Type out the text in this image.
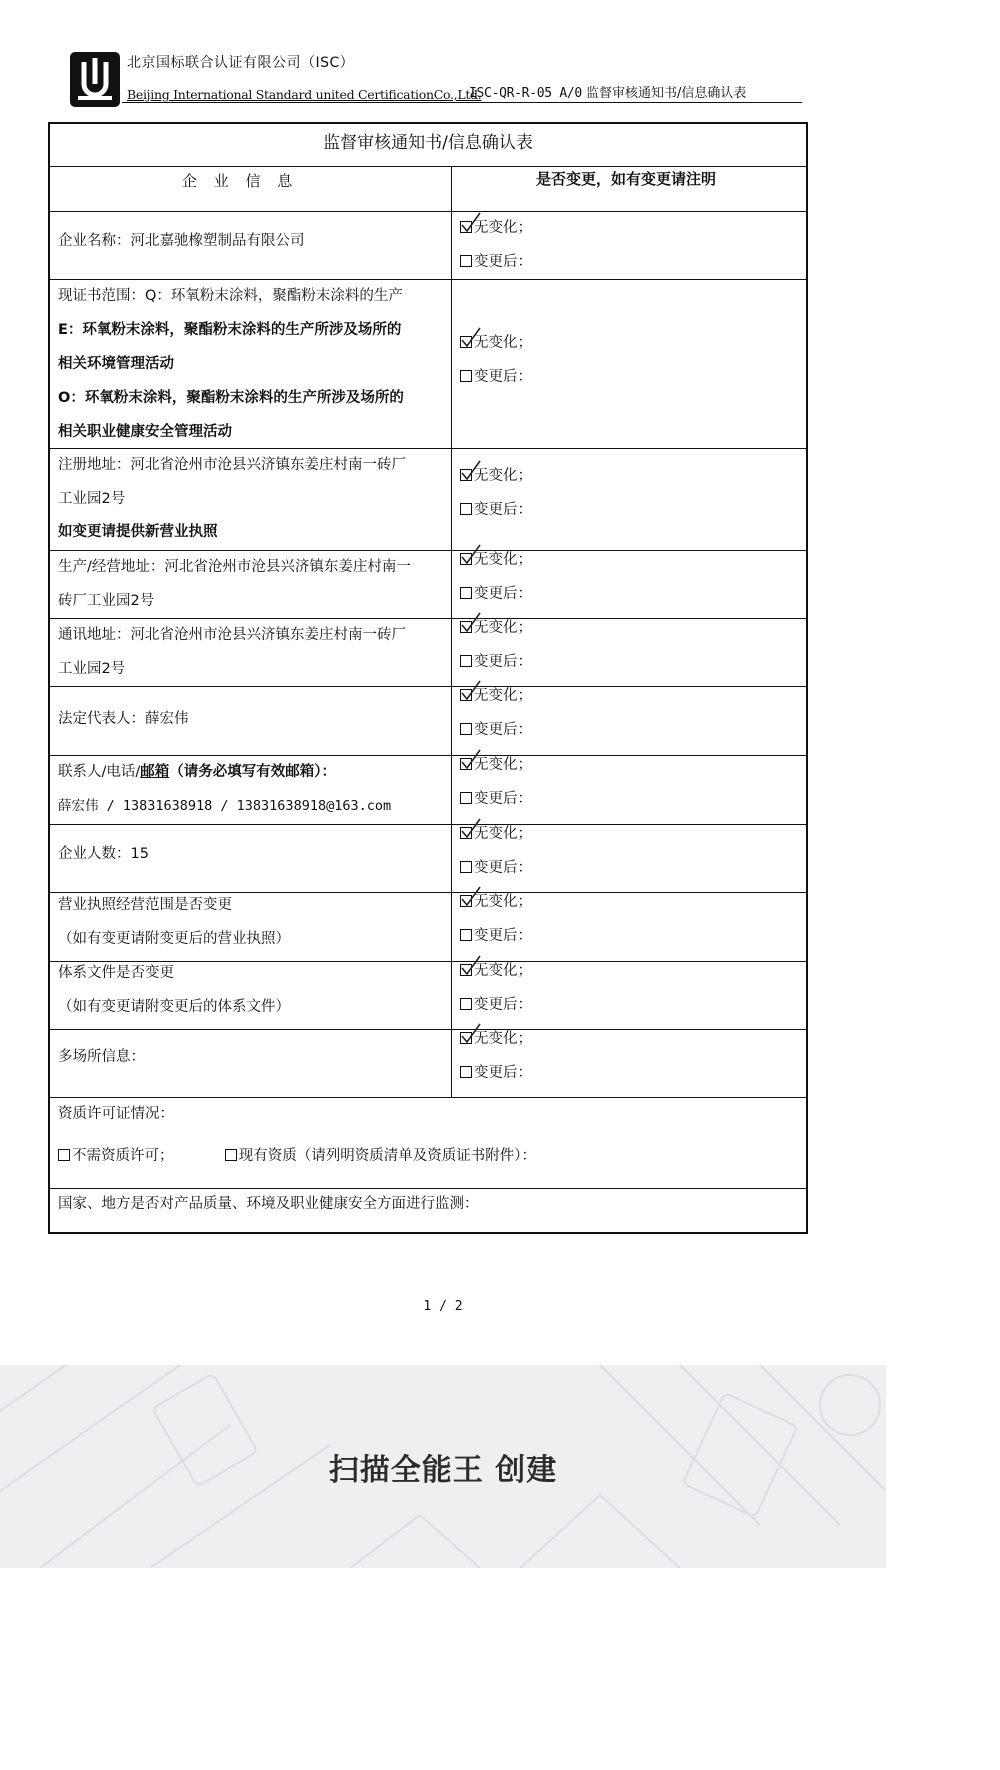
北京国标联合认证有限公司（ISC）
Beijing International Standard united CertificationCo.,Ltd.
ISC-QR-R-05 A/0 监督审核通知书/信息确认表
监督审核通知书/信息确认表
企 业 信 息	是否变更，如有变更请注明
企业名称：河北嘉驰橡塑制品有限公司
现证书范围：Q：环氧粉末涂料，聚酯粉末涂料的生产
E：环氧粉末涂料，聚酯粉末涂料的生产所涉及场所的
相关环境管理活动
O：环氧粉末涂料，聚酯粉末涂料的生产所涉及场所的
相关职业健康安全管理活动
注册地址：河北省沧州市沧县兴济镇东姜庄村南一砖厂
工业园2号
如变更请提供新营业执照
生产/经营地址：河北省沧州市沧县兴济镇东姜庄村南一
砖厂工业园2号
通讯地址：河北省沧州市沧县兴济镇东姜庄村南一砖厂
工业园2号
法定代表人：薛宏伟
联系人/电话/邮箱（请务必填写有效邮箱）：
薛宏伟 / 13831638918 / 13831638918@163.com
企业人数：15
营业执照经营范围是否变更
（如有变更请附变更后的营业执照）
体系文件是否变更
（如有变更请附变更后的体系文件）
多场所信息：
无变化；
变更后：
无变化；
变更后：
无变化；
变更后：
无变化；
变更后：
无变化；
变更后：
无变化；
变更后：
无变化；
变更后：
无变化；
变更后：
无变化；
变更后：
无变化；
变更后：
无变化；
变更后：
资质许可证情况：
不需资质许可；	现有资质（请列明资质清单及资质证书附件）：
国家、地方是否对产品质量、环境及职业健康安全方面进行监测：
1 / 2
扫描全能王 创建
